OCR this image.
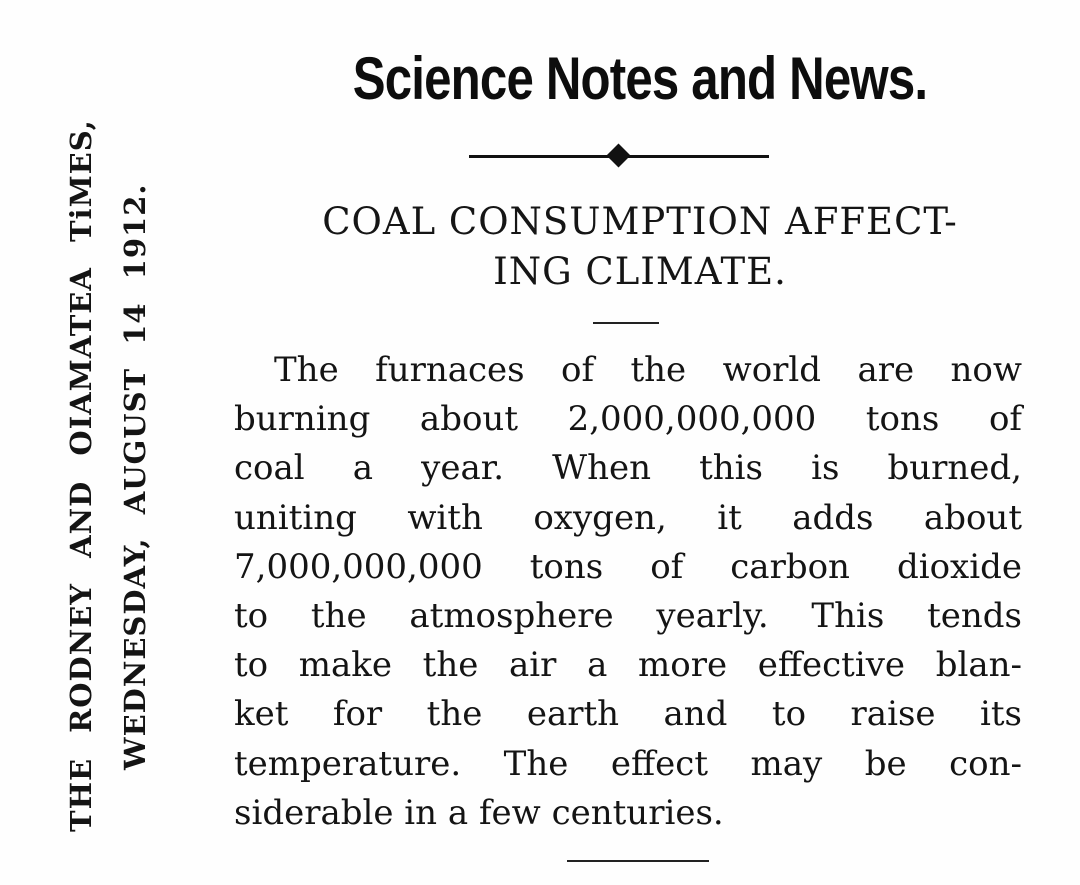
THE RODNEY AND OIAMATEA TiMES, WEDNESDAY, AUGUST 14 1912.
Science Notes and News.
COAL CONSUMPTION AFFECT-
ING CLIMATE.
The furnaces of the world are now
burning about 2,000,000,000 tons of
coal a year. When this is burned,
uniting with oxygen, it adds about
7,000,000,000 tons of carbon dioxide
to the atmosphere yearly. This tends
to make the air a more effective blan-
ket for the earth and to raise its
temperature. The effect may be con-
siderable in a few centuries.
